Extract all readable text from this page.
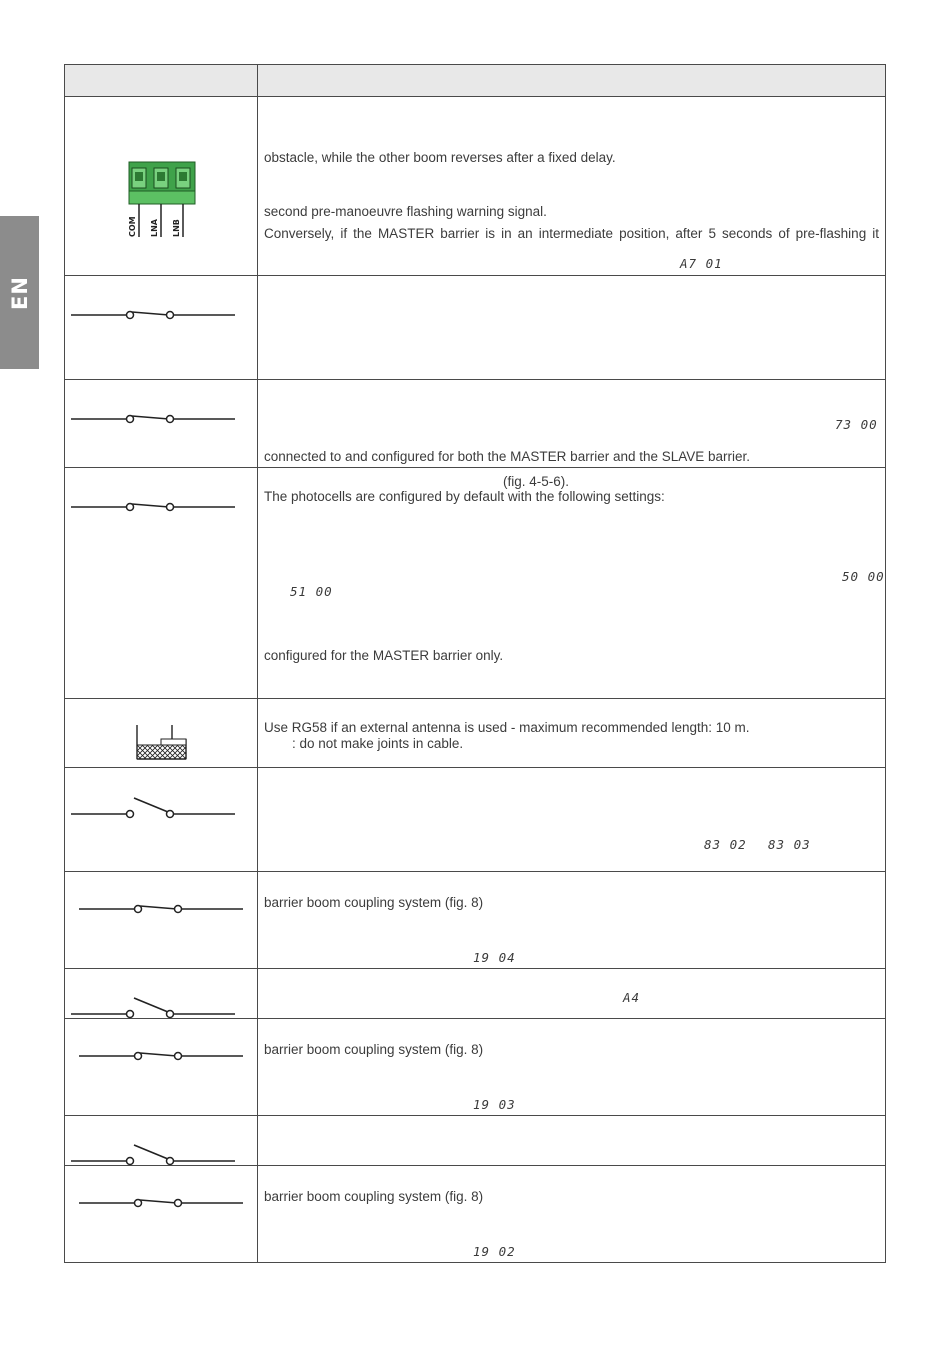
EN
COM LNA LNB
obstacle, while the other boom reverses after a fixed delay.
second pre-manoeuvre flashing warning signal.
Conversely, if the MASTER barrier is in an intermediate position, after 5 seconds of pre-flashing it
A7 01
73 00
connected to and configured for both the MASTER barrier and the SLAVE barrier.
(fig. 4-5-6).
The photocells are configured by default with the following settings:
50 00
51 00
configured for the MASTER barrier only.
Use RG58 if an external antenna is used - maximum recommended length: 10 m.
: do not make joints in cable.
83 02 83 03
barrier boom coupling system (fig. 8)
19 04
A4
barrier boom coupling system (fig. 8)
19 03
barrier boom coupling system (fig. 8)
19 02
